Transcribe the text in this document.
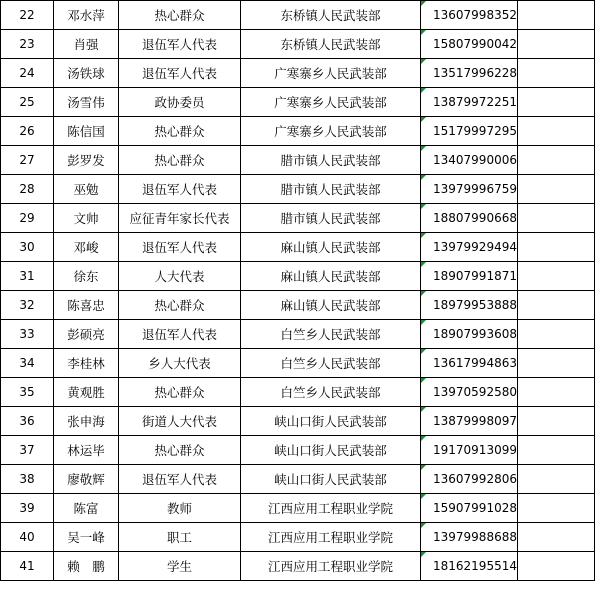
22	邓水萍	热心群众	东桥镇人民武装部	13607998352	
23	肖强	退伍军人代表	东桥镇人民武装部	15807990042	
24	汤铁球	退伍军人代表	广寒寨乡人民武装部	13517996228	
25	汤雪伟	政协委员	广寒寨乡人民武装部	13879972251	
26	陈信国	热心群众	广寒寨乡人民武装部	15179997295	
27	彭罗发	热心群众	腊市镇人民武装部	13407990006	
28	巫勉	退伍军人代表	腊市镇人民武装部	13979996759	
29	文帅	应征青年家长代表	腊市镇人民武装部	18807990668	
30	邓峻	退伍军人代表	麻山镇人民武装部	13979929494	
31	徐东	人大代表	麻山镇人民武装部	18907991871	
32	陈喜忠	热心群众	麻山镇人民武装部	18979953888	
33	彭硕亮	退伍军人代表	白竺乡人民武装部	18907993608	
34	李桂林	乡人大代表	白竺乡人民武装部	13617994863	
35	黄观胜	热心群众	白竺乡人民武装部	13970592580	
36	张申海	街道人大代表	峡山口街人民武装部	13879998097	
37	林运毕	热心群众	峡山口街人民武装部	19170913099	
38	廖敬辉	退伍军人代表	峡山口街人民武装部	13607992806	
39	陈富	教师	江西应用工程职业学院	15907991028	
40	吴一峰	职工	江西应用工程职业学院	13979988688	
41	赖　鹏	学生	江西应用工程职业学院	18162195514	
